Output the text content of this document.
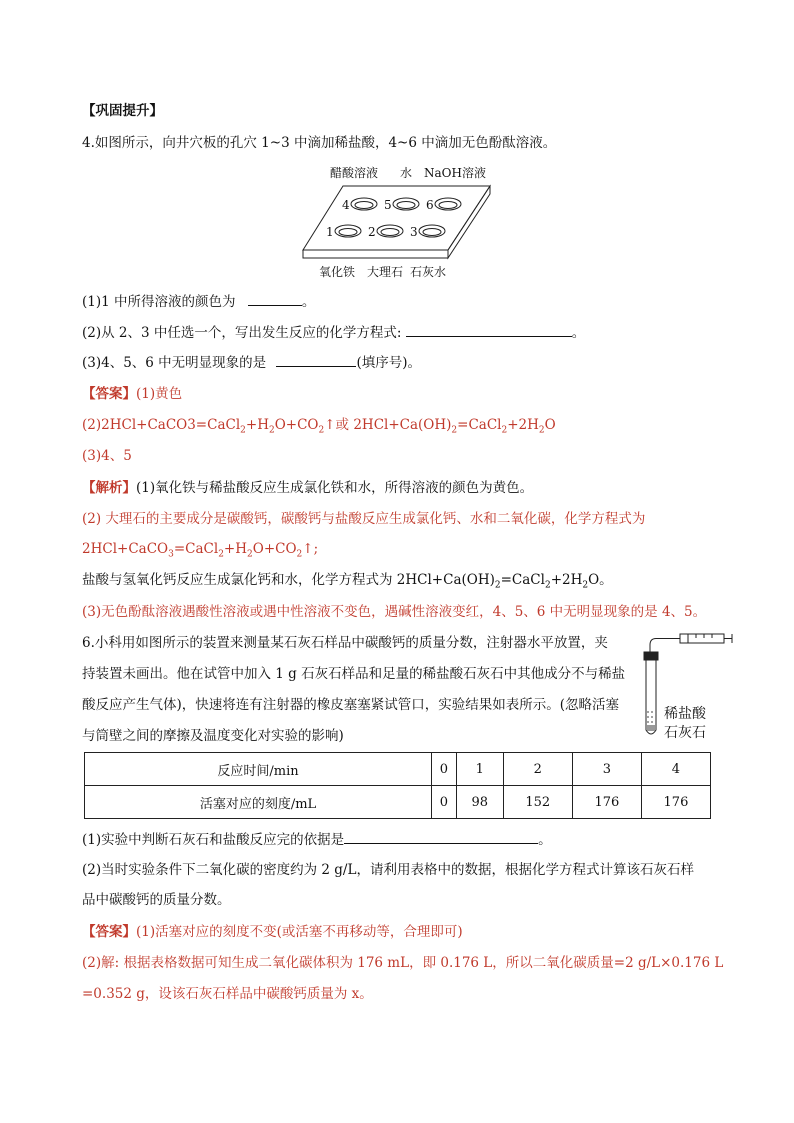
【巩固提升】
4.如图所示，向井穴板的孔穴 1~3 中滴加稀盐酸，4~6 中滴加无色酚酞溶液。
醋酸溶液 水 NaOH溶液
4	5	6
1	2	3
氧化铁 大理石 石灰水
(1)1 中所得溶液的颜色为	。
(2)从 2、3 中任选一个，写出发生反应的化学方程式:	。
(3)4、5、6 中无明显现象的是	(填序号)。
【答案】(1)黄色
$(2)2HCl+CaCO3=CaCl_2+H_2O+CO_2↑$或 $2HCl+Ca(OH)_2=CaCl_2+2H_2O$
(3)4、5
【解析】(1)氧化铁与稀盐酸反应生成氯化铁和水，所得溶液的颜色为黄色。
(2) 大理石的主要成分是碳酸钙，碳酸钙与盐酸反应生成氯化钙、水和二氧化碳，化学方程式为
$2HCl+CaCO_3=CaCl_2+H_2O+CO_2↑$;
盐酸与氢氧化钙反应生成氯化钙和水，化学方程式为 $2HCl+Ca(OH)_2=CaCl_2+2H_2O$。
(3)无色酚酞溶液遇酸性溶液或遇中性溶液不变色，遇碱性溶液变红，4、5、6 中无明显现象的是 4、5。
6.小科用如图所示的装置来测量某石灰石样品中碳酸钙的质量分数，注射器水平放置，夹
持装置未画出。他在试管中加入 1 g 石灰石样品和足量的稀盐酸石灰石中其他成分不与稀盐
酸反应产生气体)，快速将连有注射器的橡皮塞塞紧试管口，实验结果如表所示。(忽略活塞
与筒壁之间的摩擦及温度变化对实验的影响)
稀盐酸
石灰石
反应时间/min	0	1	2	3	4
活塞对应的刻度/mL	0	98	152	176	176
(1)实验中判断石灰石和盐酸反应完的依据是	。
(2)当时实验条件下二氧化碳的密度约为 2 g/L，请利用表格中的数据，根据化学方程式计算该石灰石样
品中碳酸钙的质量分数。
【答案】(1)活塞对应的刻度不变(或活塞不再移动等，合理即可)
(2)解: 根据表格数据可知生成二氧化碳体积为 176 mL，即 0.176 L，所以二氧化碳质量=2 g/L×0.176 L
=0.352 g，设该石灰石样品中碳酸钙质量为 x。
